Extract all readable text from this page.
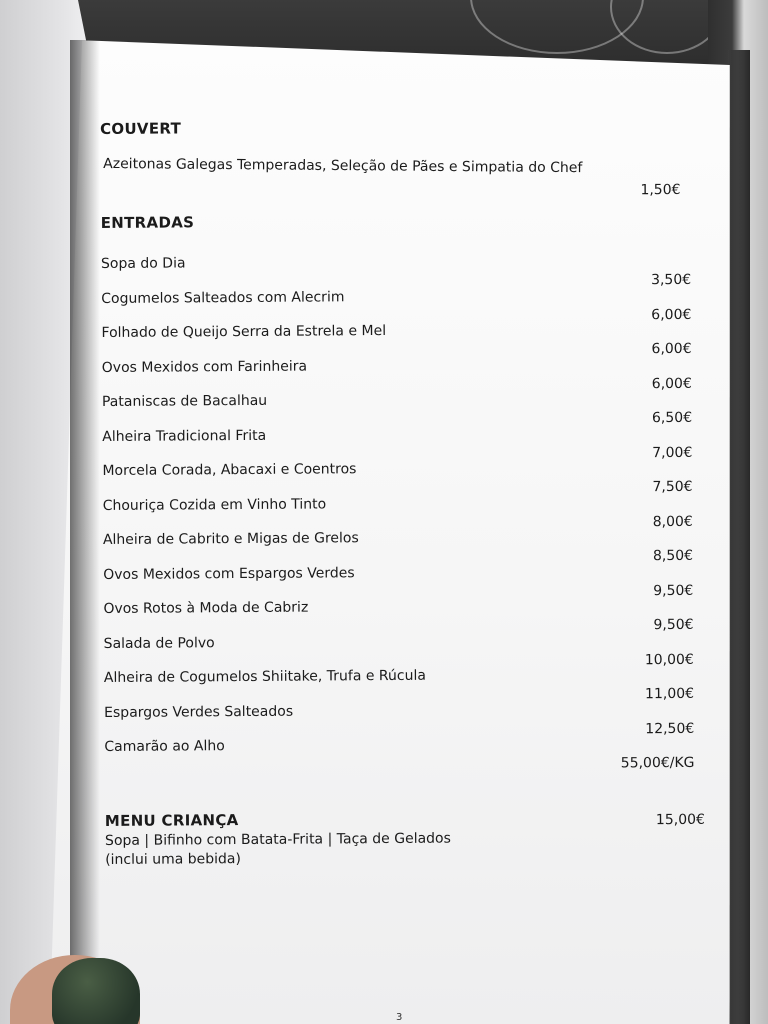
COUVERT
Azeitonas Galegas Temperadas, Seleção de Pães e Simpatia do Chef
1,50€
ENTRADAS
Sopa do Dia
3,50€
Cogumelos Salteados com Alecrim
6,00€
Folhado de Queijo Serra da Estrela e Mel
6,00€
Ovos Mexidos com Farinheira
6,00€
Pataniscas de Bacalhau
6,50€
Alheira Tradicional Frita
7,00€
Morcela Corada, Abacaxi e Coentros
7,50€
Chouriça Cozida em Vinho Tinto
8,00€
Alheira de Cabrito e Migas de Grelos
8,50€
Ovos Mexidos com Espargos Verdes
9,50€
Ovos Rotos à Moda de Cabriz
9,50€
Salada de Polvo
10,00€
Alheira de Cogumelos Shiitake, Trufa e Rúcula
11,00€
Espargos Verdes Salteados
12,50€
Camarão ao Alho
55,00€/KG
MENU CRIANÇA	15,00€

Sopa | Bifinho com Batata-Frita | Taça de Gelados

(inclui uma bebida)

3
